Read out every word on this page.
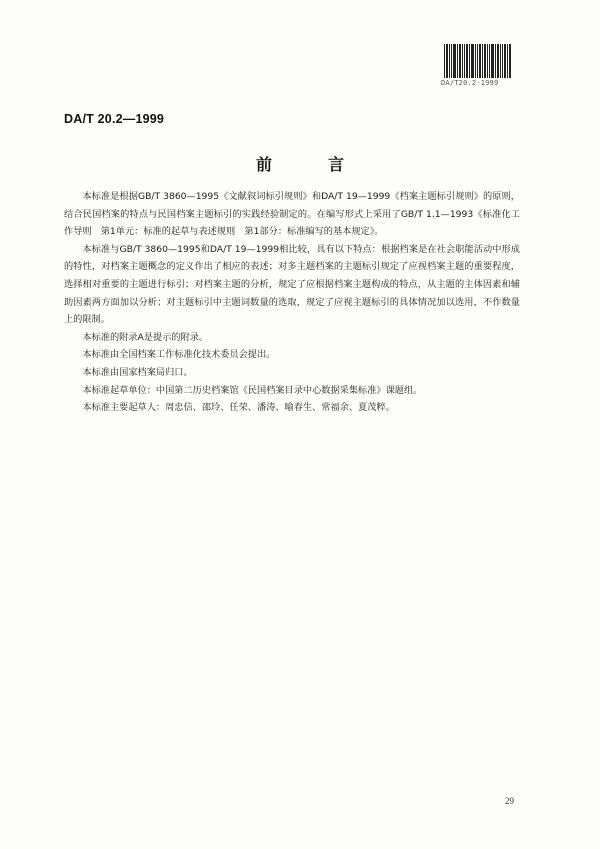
DA/T20.2-1999
DA/T 20.2—1999
前　言

本标准是根据GB/T 3860—1995《文献叙词标引规则》和DA/T 19—1999《档案主题标引规则》的原则，结合民国档案的特点与民国档案主题标引的实践经验制定的。在编写形式上采用了GB/T 1.1—1993《标准化工作导则　第1单元：标准的起草与表述规则　第1部分：标准编写的基本规定》。

本标准与GB/T 3860—1995和DA/T 19—1999相比较，具有以下特点：根据档案是在社会职能活动中形成的特性，对档案主题概念的定义作出了相应的表述；对多主题档案的主题标引规定了应视档案主题的重要程度，选择相对重要的主题进行标引；对档案主题的分析，规定了应根据档案主题构成的特点，从主题的主体因素和辅助因素两方面加以分析；对主题标引中主题词数量的选取，规定了应视主题标引的具体情况加以选用，不作数量上的限制。

本标准的附录A是提示的附录。

本标准由全国档案工作标准化技术委员会提出。

本标准由国家档案局归口。

本标准起草单位：中国第二历史档案馆《民国档案目录中心数据采集标准》课题组。

本标准主要起草人：周忠信、邵玲、任荣、潘涛、喻春生、常福余、夏茂粹。

29
